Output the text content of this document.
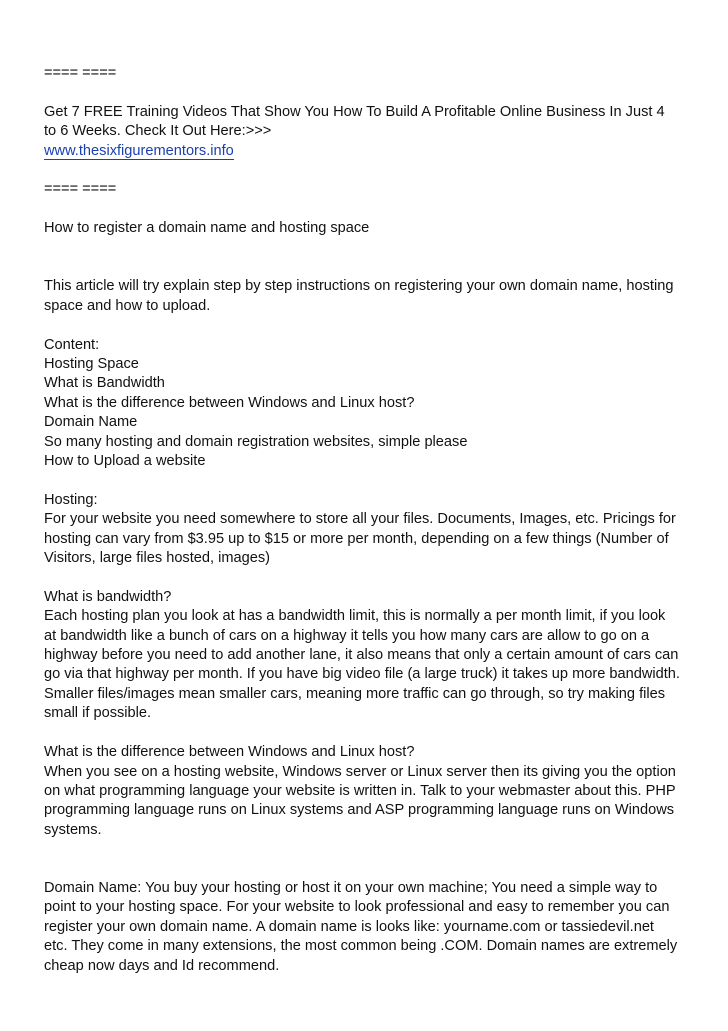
==== ====
Get 7 FREE Training Videos That Show You How To Build A Profitable Online Business In Just 4
to 6 Weeks. Check It Out Here:>>>
www.thesixfigurementors.info
==== ====
How to register a domain name and hosting space
This article will try explain step by step instructions on registering your own domain name, hosting
space and how to upload.
Content:
Hosting Space
What is Bandwidth
What is the difference between Windows and Linux host?
Domain Name
So many hosting and domain registration websites, simple please
How to Upload a website
Hosting:
For your website you need somewhere to store all your files. Documents, Images, etc. Pricings for
hosting can vary from $3.95 up to $15 or more per month, depending on a few things (Number of
Visitors, large files hosted, images)
What is bandwidth?
Each hosting plan you look at has a bandwidth limit, this is normally a per month limit, if you look
at bandwidth like a bunch of cars on a highway it tells you how many cars are allow to go on a
highway before you need to add another lane, it also means that only a certain amount of cars can
go via that highway per month. If you have big video file (a large truck) it takes up more bandwidth.
Smaller files/images mean smaller cars, meaning more traffic can go through, so try making files
small if possible.
What is the difference between Windows and Linux host?
When you see on a hosting website, Windows server or Linux server then its giving you the option
on what programming language your website is written in. Talk to your webmaster about this. PHP
programming language runs on Linux systems and ASP programming language runs on Windows
systems.
Domain Name: You buy your hosting or host it on your own machine; You need a simple way to
point to your hosting space. For your website to look professional and easy to remember you can
register your own domain name. A domain name is looks like: yourname.com or tassiedevil.net
etc. They come in many extensions, the most common being .COM. Domain names are extremely
cheap now days and Id recommend.
